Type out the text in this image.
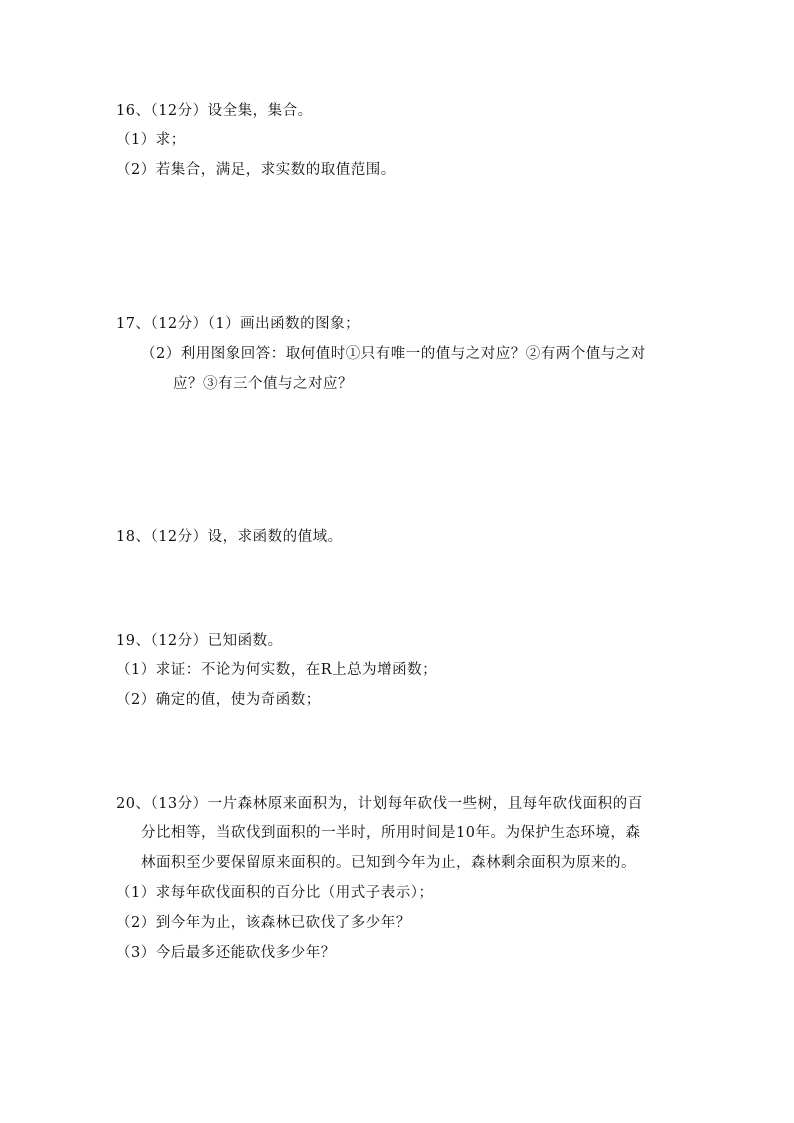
16、（12分）设全集，集合。
（1）求；
（2）若集合，满足，求实数的取值范围。
17、（12分）（1）画出函数的图象；
（2）利用图象回答：取何值时①只有唯一的值与之对应？②有两个值与之对
应？③有三个值与之对应？
18、（12分）设，求函数的值域。
19、（12分）已知函数。
（1）求证：不论为何实数，在R上总为增函数；
（2）确定的值，使为奇函数；
20、（13分）一片森林原来面积为，计划每年砍伐一些树，且每年砍伐面积的百
分比相等，当砍伐到面积的一半时，所用时间是10年。为保护生态环境，森
林面积至少要保留原来面积的。已知到今年为止，森林剩余面积为原来的。
（1）求每年砍伐面积的百分比（用式子表示）；
（2）到今年为止，该森林已砍伐了多少年？
（3）今后最多还能砍伐多少年？
